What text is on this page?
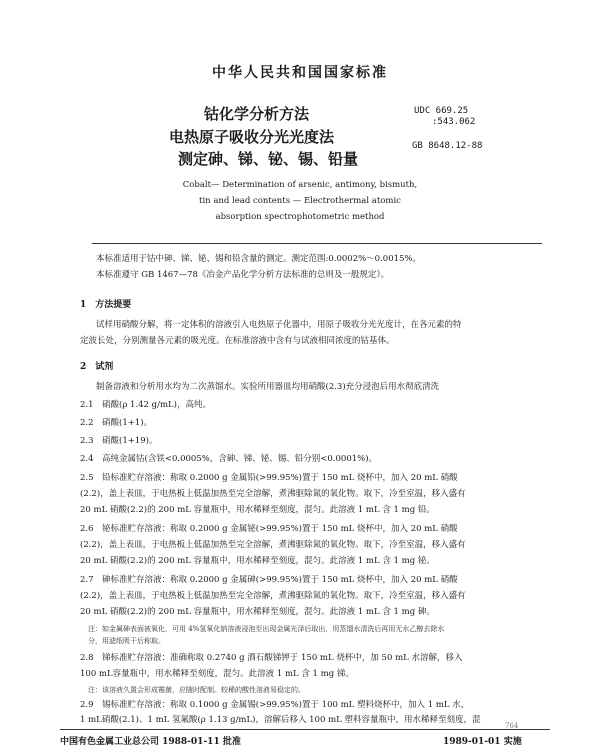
中华人民共和国国家标准
钴化学分析方法
电热原子吸收分光光度法
测定砷、锑、铋、锡、铅量
UDC 669.25
:543.062
GB 8648.12-88
Cobalt— Determination of arsenic, antimony, bismuth,
tin and lead contents — Electrothermal atomic
absorption spectrophotometric method
本标准适用于钴中砷、锑、铋、锡和铅含量的测定。测定范围:0.0002%～0.0015%。
本标准遵守 GB 1467—78《冶金产品化学分析方法标准的总则及一般规定》。
1　方法提要
试样用硝酸分解，将一定体积的溶液引入电热原子化器中，用原子吸收分光光度计，在各元素的特
定波长处，分别测量各元素的吸光度。在标准溶液中含有与试液相同浓度的钴基体。
2　试剂
制备溶液和分析用水均为二次蒸馏水。实验所用器皿均用硝酸(2.3)充分浸泡后用水彻底清洗
2.1　硝酸(ρ 1.42 g/mL)，高纯。
2.2　硝酸(1+1)。
2.3　硝酸(1+19)。
2.4　高纯金属钴(含铁<0.0005%，含砷、锑、铋、锡、铅分别<0.0001%)。
2.5　铅标准贮存溶液：称取 0.2000 g 金属铅(>99.95%)置于 150 mL 烧杯中，加入 20 mL 硝酸
(2.2)，盖上表皿，于电热板上低温加热至完全溶解，煮沸驱除氮的氧化物。取下，冷至室温，移入盛有
20 mL 硝酸(2.2)的 200 mL 容量瓶中，用水稀释至刻度，混匀。此溶液 1 mL 含 1 mg 铅。
2.6　铋标准贮存溶液：称取 0.2000 g 金属铋(>99.95%)置于 150 mL 烧杯中，加入 20 mL 硝酸
(2.2)，盖上表皿，于电热板上低温加热至完全溶解，煮沸驱除氮的氧化物。取下，冷至室温，移入盛有
20 mL 硝酸(2.2)的 200 mL 容量瓶中，用水稀释至刻度，混匀。此溶液 1 mL 含 1 mg 铋。
2.7　砷标准贮存溶液：称取 0.2000 g 金属砷(>99.95%)置于 150 mL 烧杯中，加入 20 mL 硝酸
(2.2)，盖上表皿，于电热板上低温加热至完全溶解，煮沸驱除氮的氧化物。取下，冷至室温，移入盛有
20 mL 硝酸(2.2)的 200 mL 容量瓶中，用水稀释至刻度，混匀。此溶液 1 mL 含 1 mg 砷。
注：如金属砷表面被氧化，可用 4%氢氧化钠溶液浸泡至出现金属光泽后取出，用蒸馏水清洗后再用无水乙醇去除水
分，用滤纸吸干后称取。
2.8　锑标准贮存溶液：准确称取 0.2740 g 酒石酸锑钾于 150 mL 烧杯中，加 50 mL 水溶解，移入
100 mL容量瓶中，用水稀释至刻度，混匀。此溶液 1 mL 含 1 mg 锑。
注：该溶液久置会形成霉菌，应随时配制。较稀的酸性溶液易稳定的。
2.9　锡标准贮存溶液：称取 0.1000 g 金属锡(>99.95%)置于 100 mL 塑料烧杯中，加入 1 mL 水，
1 mL硝酸(2.1)、1 mL 氢氟酸(ρ 1.13 g/mL)，溶解后移入 100 mL 塑料容量瓶中，用水稀释至刻度，混
中国有色金属工业总公司 1988-01-11 批准	1989-01-01 实施
764
